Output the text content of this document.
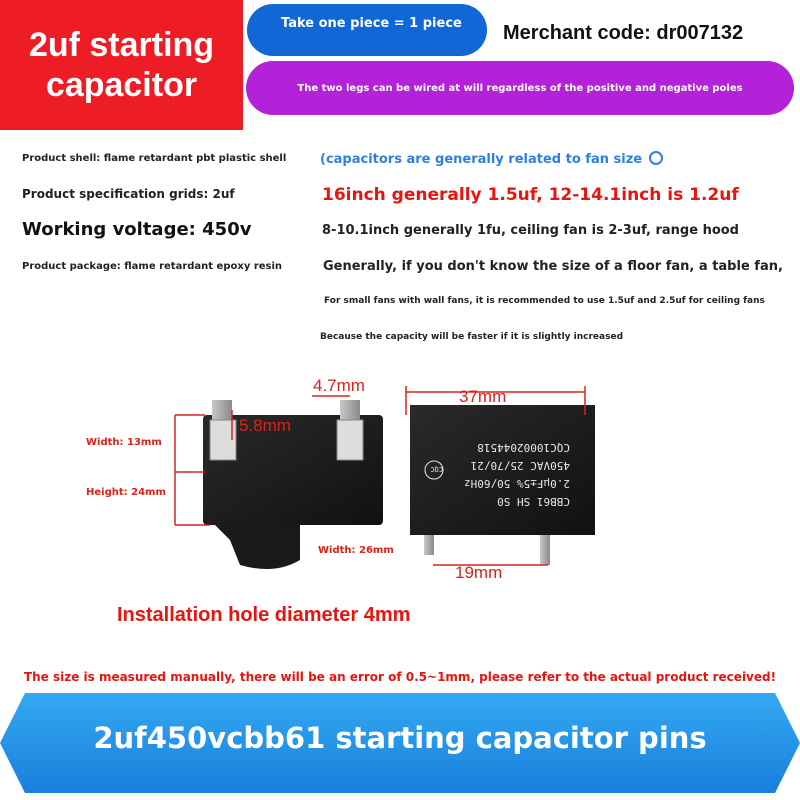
2uf starting
capacitor
Take one piece = 1 piece	Merchant code: dr007132
The two legs can be wired at will regardless of the positive and negative poles
Product shell: flame retardant pbt plastic shell
Product specification grids: 2uf
Working voltage: 450v
Product package: flame retardant epoxy resin
(capacitors are generally related to fan size
16inch generally 1.5uf, 12-14.1inch is 1.2uf
8-10.1inch generally 1fu, ceiling fan is 2-3uf, range hood
Generally, if you don't know the size of a floor fan, a table fan,
For small fans with wall fans, it is recommended to use 1.5uf and 2.5uf for ceiling fans
Because the capacity will be faster if it is slightly increased
CBB61 SH S0
2.0µF±5% 50/60Hz
450VAC 25/70/21
CQC10002044518
CQC
Width: 13mm
Height: 24mm
Width: 26mm
4.7mm
5.8mm
37mm
19mm
Installation hole diameter 4mm
The size is measured manually, there will be an error of 0.5~1mm, please refer to the actual product received!
2uf450vcbb61 starting capacitor pins
